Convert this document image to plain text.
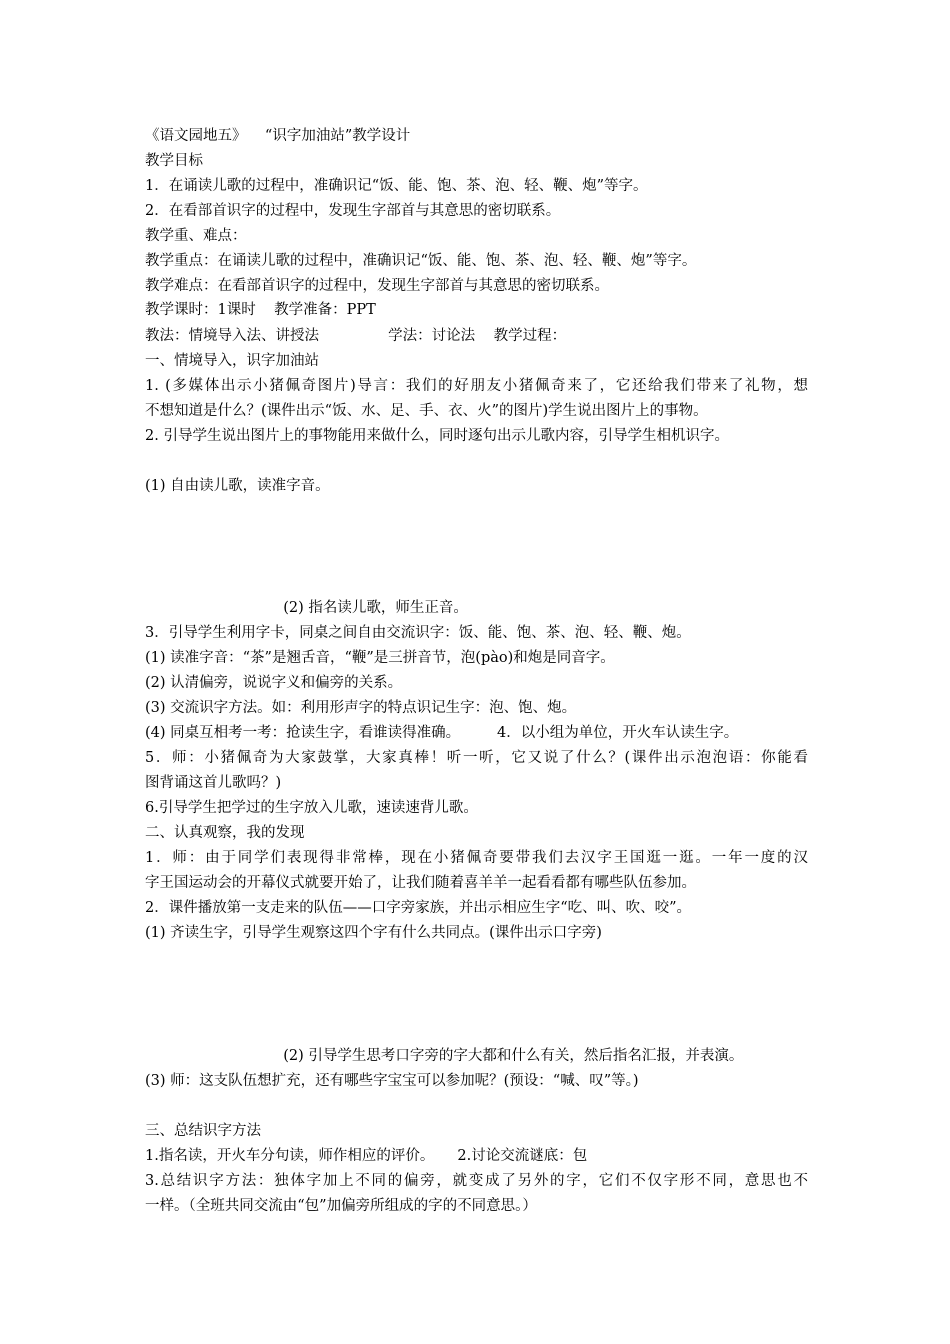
《语文园地五》    “识字加油站”教学设计
教学目标
1．在诵读儿歌的过程中，准确识记“饭、能、饱、茶、泡、轻、鞭、炮”等字。
2．在看部首识字的过程中，发现生字部首与其意思的密切联系。
教学重、难点：
教学重点：在诵读儿歌的过程中，准确识记“饭、能、饱、茶、泡、轻、鞭、炮”等字。
教学难点：在看部首识字的过程中，发现生字部首与其意思的密切联系。
教学课时：1课时    教学准备：PPT
教法：情境导入法、讲授法               学法：讨论法    教学过程：
一、情境导入，识字加油站
1. (多媒体出示小猪佩奇图片)导言：我们的好朋友小猪佩奇来了，它还给我们带来了礼物，想
不想知道是什么？(课件出示“饭、水、足、手、衣、火”的图片)学生说出图片上的事物。
2. 引导学生说出图片上的事物能用来做什么，同时逐句出示儿歌内容，引导学生相机识字。
(1) 自由读儿歌，读准字音。
(2) 指名读儿歌，师生正音。
3．引导学生利用字卡，同桌之间自由交流识字：饭、能、饱、茶、泡、轻、鞭、炮。
(1) 读准字音：“茶”是翘舌音，“鞭”是三拼音节，泡(pào)和炮是同音字。
(2) 认清偏旁，说说字义和偏旁的关系。
(3) 交流识字方法。如：利用形声字的特点识记生字：泡、饱、炮。
(4) 同桌互相考一考：抢读生字，看谁读得准确。        4．以小组为单位，开火车认读生字。
5．师：小猪佩奇为大家鼓掌，大家真棒！听一听，它又说了什么？(课件出示泡泡语：你能看
图背诵这首儿歌吗？)
6.引导学生把学过的生字放入儿歌，速读速背儿歌。
二、认真观察，我的发现
1．师：由于同学们表现得非常棒，现在小猪佩奇要带我们去汉字王国逛一逛。一年一度的汉
字王国运动会的开幕仪式就要开始了，让我们随着喜羊羊一起看看都有哪些队伍参加。
2．课件播放第一支走来的队伍——口字旁家族，并出示相应生字“吃、叫、吹、咬”。
(1) 齐读生字，引导学生观察这四个字有什么共同点。(课件出示口字旁)
(2) 引导学生思考口字旁的字大都和什么有关，然后指名汇报，并表演。
(3) 师：这支队伍想扩充，还有哪些字宝宝可以参加呢？(预设：“喊、叹”等。)
三、总结识字方法
1.指名读，开火车分句读，师作相应的评价。     2.讨论交流谜底：包
3.总结识字方法：独体字加上不同的偏旁，就变成了另外的字，它们不仅字形不同，意思也不
一样。（全班共同交流由“包”加偏旁所组成的字的不同意思。）
